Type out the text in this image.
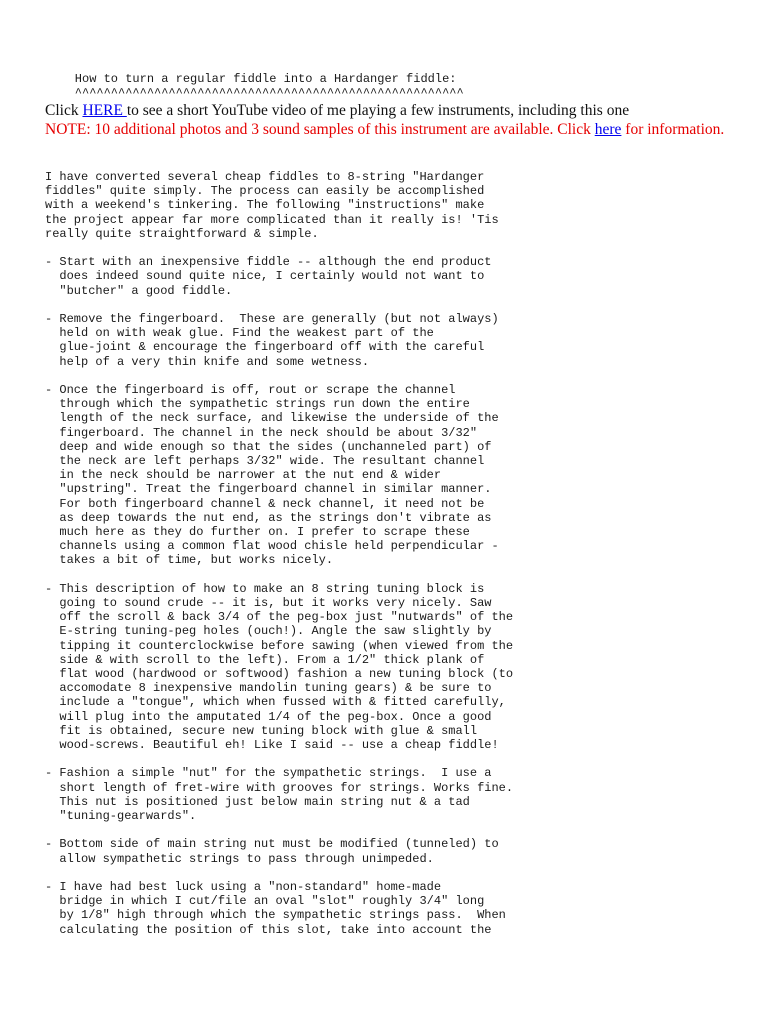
How to turn a regular fiddle into a Hardanger fiddle:
^^^^^^^^^^^^^^^^^^^^^^^^^^^^^^^^^^^^^^^^^^^^^^^^^^^^^^

Click HERE to see a short YouTube video of me playing a few instruments, including this one

NOTE: 10 additional photos and 3 sound samples of this instrument are available. Click here for information.

I have converted several cheap fiddles to 8-string "Hardanger
fiddles" quite simply. The process can easily be accomplished
with a weekend's tinkering. The following "instructions" make
the project appear far more complicated than it really is! 'Tis
really quite straightforward & simple.
- Start with an inexpensive fiddle -- although the end product
does indeed sound quite nice, I certainly would not want to
"butcher" a good fiddle.
- Remove the fingerboard.  These are generally (but not always)
held on with weak glue. Find the weakest part of the
glue-joint & encourage the fingerboard off with the careful
help of a very thin knife and some wetness.
- Once the fingerboard is off, rout or scrape the channel
through which the sympathetic strings run down the entire
length of the neck surface, and likewise the underside of the
fingerboard. The channel in the neck should be about 3/32"
deep and wide enough so that the sides (unchanneled part) of
the neck are left perhaps 3/32" wide. The resultant channel
in the neck should be narrower at the nut end & wider
"upstring". Treat the fingerboard channel in similar manner.
For both fingerboard channel & neck channel, it need not be
as deep towards the nut end, as the strings don't vibrate as
much here as they do further on. I prefer to scrape these
channels using a common flat wood chisle held perpendicular -
takes a bit of time, but works nicely.
- This description of how to make an 8 string tuning block is
going to sound crude -- it is, but it works very nicely. Saw
off the scroll & back 3/4 of the peg-box just "nutwards" of the
E-string tuning-peg holes (ouch!). Angle the saw slightly by
tipping it counterclockwise before sawing (when viewed from the
side & with scroll to the left). From a 1/2" thick plank of
flat wood (hardwood or softwood) fashion a new tuning block (to
accomodate 8 inexpensive mandolin tuning gears) & be sure to
include a "tongue", which when fussed with & fitted carefully,
will plug into the amputated 1/4 of the peg-box. Once a good
fit is obtained, secure new tuning block with glue & small
wood-screws. Beautiful eh! Like I said -- use a cheap fiddle!
- Fashion a simple "nut" for the sympathetic strings.  I use a
short length of fret-wire with grooves for strings. Works fine.
This nut is positioned just below main string nut & a tad
"tuning-gearwards".
- Bottom side of main string nut must be modified (tunneled) to
allow sympathetic strings to pass through unimpeded.
- I have had best luck using a "non-standard" home-made
bridge in which I cut/file an oval "slot" roughly 3/4" long
by 1/8" high through which the sympathetic strings pass.  When
calculating the position of this slot, take into account the
